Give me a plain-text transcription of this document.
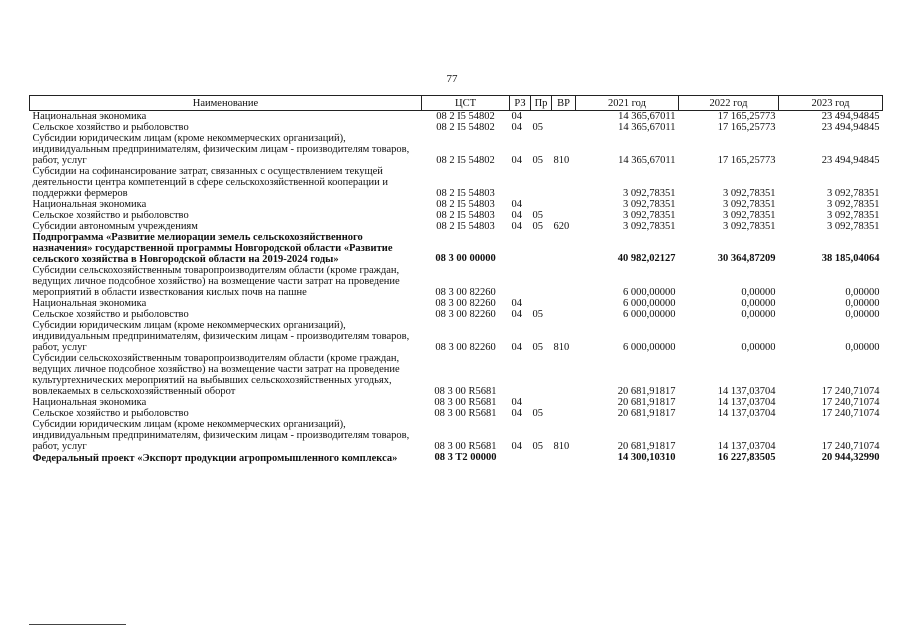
77
Наименование	ЦСТ	РЗ	Пр	ВР	2021 год	2022 год	2023 год
Национальная экономика	08 2 I5 54802	04			14 365,67011	17 165,25773	23 494,94845
Сельское хозяйство и рыболовство	08 2 I5 54802	04	05		14 365,67011	17 165,25773	23 494,94845
Субсидии юридическим лицам (кроме некоммерческих организаций), индивидуальным предпринимателям, физическим лицам - производителям товаров, работ, услуг	08 2 I5 54802	04	05	810	14 365,67011	17 165,25773	23 494,94845
Субсидии на софинансирование затрат, связанных с осуществлением текущей деятельности центра компетенций в сфере сельскохозяйственной кооперации и поддержки фермеров	08 2 I5 54803				3 092,78351	3 092,78351	3 092,78351
Национальная экономика	08 2 I5 54803	04			3 092,78351	3 092,78351	3 092,78351
Сельское хозяйство и рыболовство	08 2 I5 54803	04	05		3 092,78351	3 092,78351	3 092,78351
Субсидии автономным учреждениям	08 2 I5 54803	04	05	620	3 092,78351	3 092,78351	3 092,78351
Подпрограмма «Развитие мелиорации земель сельскохозяйственного назначения» государственной программы Новгородской области «Развитие сельского хозяйства в Новгородской области на 2019-2024 годы»	08 3 00 00000				40 982,02127	30 364,87209	38 185,04064
Субсидии сельскохозяйственным товаропроизводителям области (кроме граждан, ведущих личное подсобное хозяйство) на возмещение части затрат на проведение мероприятий в области известкования кислых почв на пашне	08 3 00 82260				6 000,00000	0,00000	0,00000
Национальная экономика	08 3 00 82260	04			6 000,00000	0,00000	0,00000
Сельское хозяйство и рыболовство	08 3 00 82260	04	05		6 000,00000	0,00000	0,00000
Субсидии юридическим лицам (кроме некоммерческих организаций), индивидуальным предпринимателям, физическим лицам - производителям товаров, работ, услуг	08 3 00 82260	04	05	810	6 000,00000	0,00000	0,00000
Субсидии сельскохозяйственным товаропроизводителям области (кроме граждан, ведущих личное подсобное хозяйство) на возмещение части затрат на проведение культуртехнических мероприятий на выбывших сельскохозяйственных угодьях, вовлекаемых в сельскохозяйственный оборот	08 3 00 R5681				20 681,91817	14 137,03704	17 240,71074
Национальная экономика	08 3 00 R5681	04			20 681,91817	14 137,03704	17 240,71074
Сельское хозяйство и рыболовство	08 3 00 R5681	04	05		20 681,91817	14 137,03704	17 240,71074
Субсидии юридическим лицам (кроме некоммерческих организаций), индивидуальным предпринимателям, физическим лицам - производителям товаров, работ, услуг	08 3 00 R5681	04	05	810	20 681,91817	14 137,03704	17 240,71074
Федеральный проект «Экспорт продукции агропромышленного комплекса»	08 3 T2 00000				14 300,10310	16 227,83505	20 944,32990
